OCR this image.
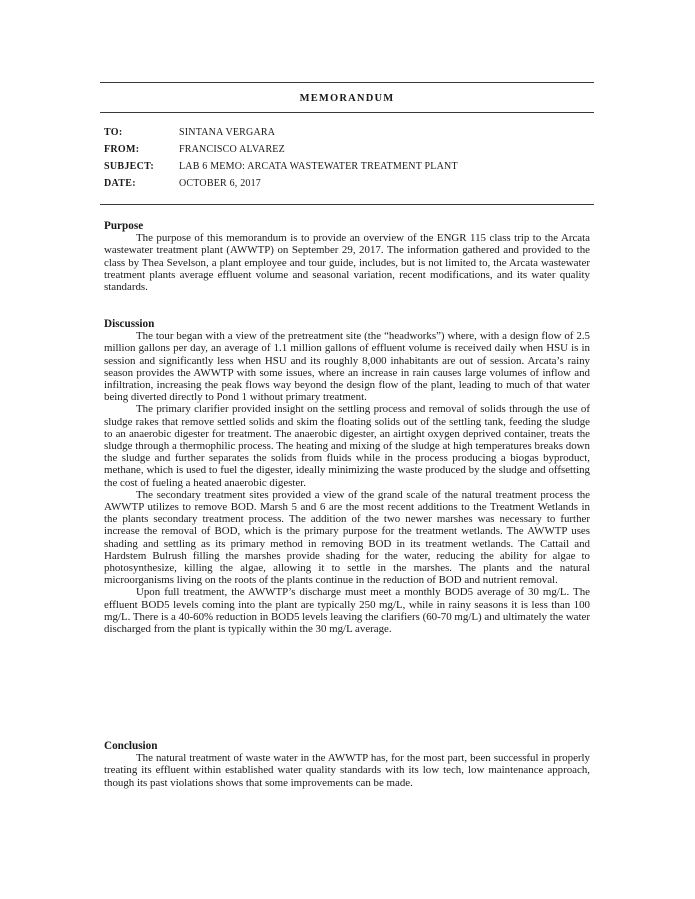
MEMORANDUM
TO:	SINTANA VERGARA
FROM:	FRANCISCO ALVAREZ
SUBJECT: LAB 6 MEMO: ARCATA WASTEWATER TREATMENT PLANT
DATE:	OCTOBER 6, 2017
Purpose

The purpose of this memorandum is to provide an overview of the ENGR 115 class trip to the Arcata wastewater treatment plant (AWWTP) on September 29, 2017. The information gathered and provided to the class by Thea Sevelson, a plant employee and tour guide, includes, but is not limited to, the Arcata wastewater treatment plants average effluent volume and seasonal variation, recent modifications, and its water quality standards.

Discussion

The tour began with a view of the pretreatment site (the “headworks”) where, with a design flow of 2.5 million gallons per day, an average of 1.1 million gallons of effluent volume is received daily when HSU is in session and significantly less when HSU and its roughly 8,000 inhabitants are out of session. Arcata’s rainy season provides the AWWTP with some issues, where an increase in rain causes large volumes of inflow and infiltration, increasing the peak flows way beyond the design flow of the plant, leading to much of that water being diverted directly to Pond 1 without primary treatment.

The primary clarifier provided insight on the settling process and removal of solids through the use of sludge rakes that remove settled solids and skim the floating solids out of the settling tank, feeding the sludge to an anaerobic digester for treatment. The anaerobic digester, an airtight oxygen deprived container, treats the sludge through a thermophilic process. The heating and mixing of the sludge at high temperatures breaks down the sludge and further separates the solids from fluids while in the process producing a biogas byproduct, methane, which is used to fuel the digester, ideally minimizing the waste produced by the sludge and offsetting the cost of fueling a heated anaerobic digester.

The secondary treatment sites provided a view of the grand scale of the natural treatment process the AWWTP utilizes to remove BOD. Marsh 5 and 6 are the most recent additions to the Treatment Wetlands in the plants secondary treatment process. The addition of the two newer marshes was necessary to further increase the removal of BOD, which is the primary purpose for the treatment wetlands. The AWWTP uses shading and settling as its primary method in removing BOD in its treatment wetlands. The Cattail and Hardstem Bulrush filling the marshes provide shading for the water, reducing the ability for algae to photosynthesize, killing the algae, allowing it to settle in the marshes. The plants and the natural microorganisms living on the roots of the plants continue in the reduction of BOD and nutrient removal.

Upon full treatment, the AWWTP’s discharge must meet a monthly BOD5 average of 30 mg/L. The effluent BOD5 levels coming into the plant are typically 250 mg/L, while in rainy seasons it is less than 100 mg/L. There is a 40-60% reduction in BOD5 levels leaving the clarifiers (60-70 mg/L) and ultimately the water discharged from the plant is typically within the 30 mg/L average.

Conclusion

The natural treatment of waste water in the AWWTP has, for the most part, been successful in properly treating its effluent within established water quality standards with its low tech, low maintenance approach, though its past violations shows that some improvements can be made.
